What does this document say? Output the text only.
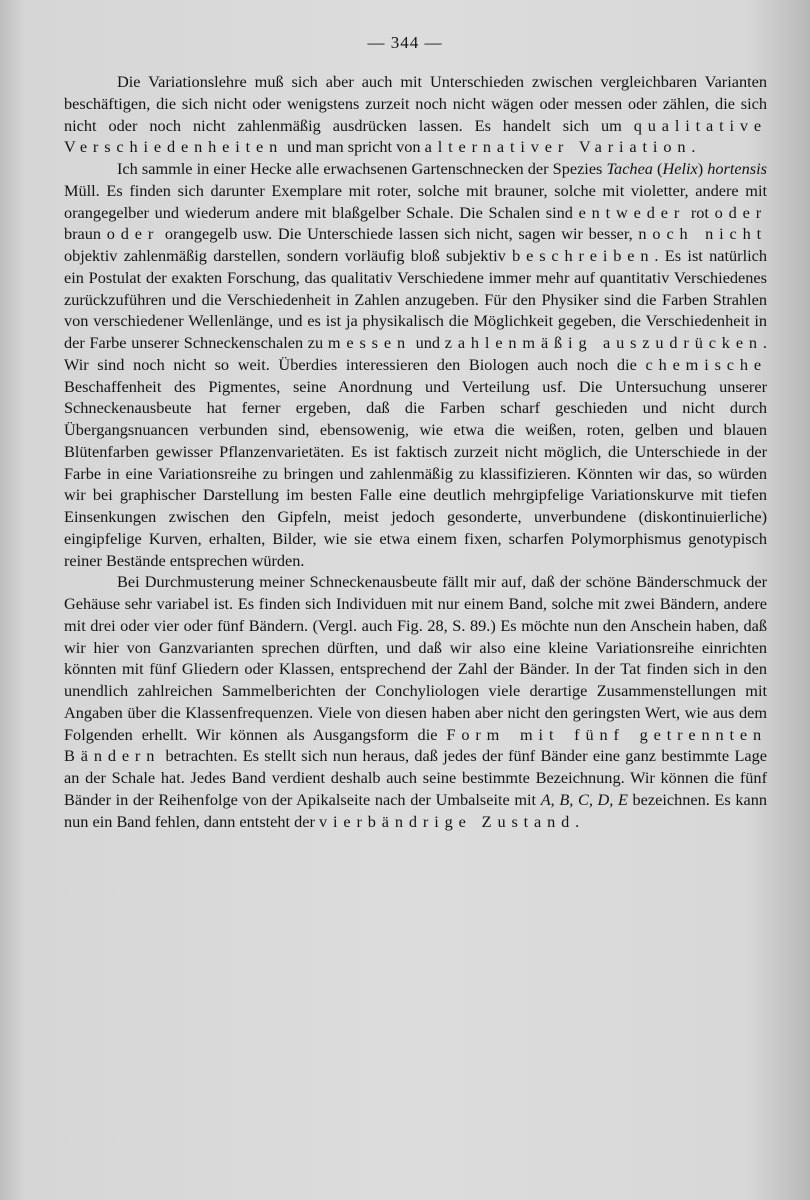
— 344 —

Die Variationslehre muß sich aber auch mit Unterschieden zwischen vergleichbaren Varianten beschäftigen, die sich nicht oder wenigstens zurzeit noch nicht wägen oder messen oder zählen, die sich nicht oder noch nicht zahlenmäßig ausdrücken lassen. Es handelt sich um qualitative Verschiedenheiten und man spricht von alternativer Variation.

Ich sammle in einer Hecke alle erwachsenen Gartenschnecken der Spezies Tachea (Helix) hortensis Müll. Es finden sich darunter Exemplare mit roter, solche mit brauner, solche mit violetter, andere mit orangegelber und wiederum andere mit blaßgelber Schale. Die Schalen sind entweder rot oder braun oder orangegelb usw. Die Unterschiede lassen sich nicht, sagen wir besser, noch nicht objektiv zahlenmäßig darstellen, sondern vorläufig bloß subjektiv beschreiben. Es ist natürlich ein Postulat der exakten Forschung, das qualitativ Verschiedene immer mehr auf quantitativ Verschiedenes zurückzuführen und die Verschiedenheit in Zahlen anzugeben. Für den Physiker sind die Farben Strahlen von verschiedener Wellenlänge, und es ist ja physikalisch die Möglichkeit gegeben, die Verschiedenheit in der Farbe unserer Schneckenschalen zu messen und zahlenmäßig auszudrücken. Wir sind noch nicht so weit. Überdies interessieren den Biologen auch noch die chemische Beschaffenheit des Pigmentes, seine Anordnung und Verteilung usf. Die Untersuchung unserer Schneckenausbeute hat ferner ergeben, daß die Farben scharf geschieden und nicht durch Übergangsnuancen verbunden sind, ebensowenig, wie etwa die weißen, roten, gelben und blauen Blütenfarben gewisser Pflanzenvarietäten. Es ist faktisch zurzeit nicht möglich, die Unterschiede in der Farbe in eine Variationsreihe zu bringen und zahlenmäßig zu klassifizieren. Könnten wir das, so würden wir bei graphischer Darstellung im besten Falle eine deutlich mehrgipfelige Variationskurve mit tiefen Einsenkungen zwischen den Gipfeln, meist jedoch gesonderte, unverbundene (diskontinuierliche) eingipfelige Kurven, erhalten, Bilder, wie sie etwa einem fixen, scharfen Polymorphismus genotypisch reiner Bestände entsprechen würden.

Bei Durchmusterung meiner Schneckenausbeute fällt mir auf, daß der schöne Bänderschmuck der Gehäuse sehr variabel ist. Es finden sich Individuen mit nur einem Band, solche mit zwei Bändern, andere mit drei oder vier oder fünf Bändern. (Vergl. auch Fig. 28, S. 89.) Es möchte nun den Anschein haben, daß wir hier von Ganzvarianten sprechen dürften, und daß wir also eine kleine Variationsreihe einrichten könnten mit fünf Gliedern oder Klassen, entsprechend der Zahl der Bänder. In der Tat finden sich in den unendlich zahlreichen Sammelberichten der Conchyliologen viele derartige Zusammenstellungen mit Angaben über die Klassenfrequenzen. Viele von diesen haben aber nicht den geringsten Wert, wie aus dem Folgenden erhellt. Wir können als Ausgangsform die Form mit fünf getrennten Bändern betrachten. Es stellt sich nun heraus, daß jedes der fünf Bänder eine ganz bestimmte Lage an der Schale hat. Jedes Band verdient deshalb auch seine bestimmte Bezeichnung. Wir können die fünf Bänder in der Reihenfolge von der Apikalseite nach der Umbalseite mit A, B, C, D, E bezeichnen. Es kann nun ein Band fehlen, dann entsteht der vierbändrige Zustand.
